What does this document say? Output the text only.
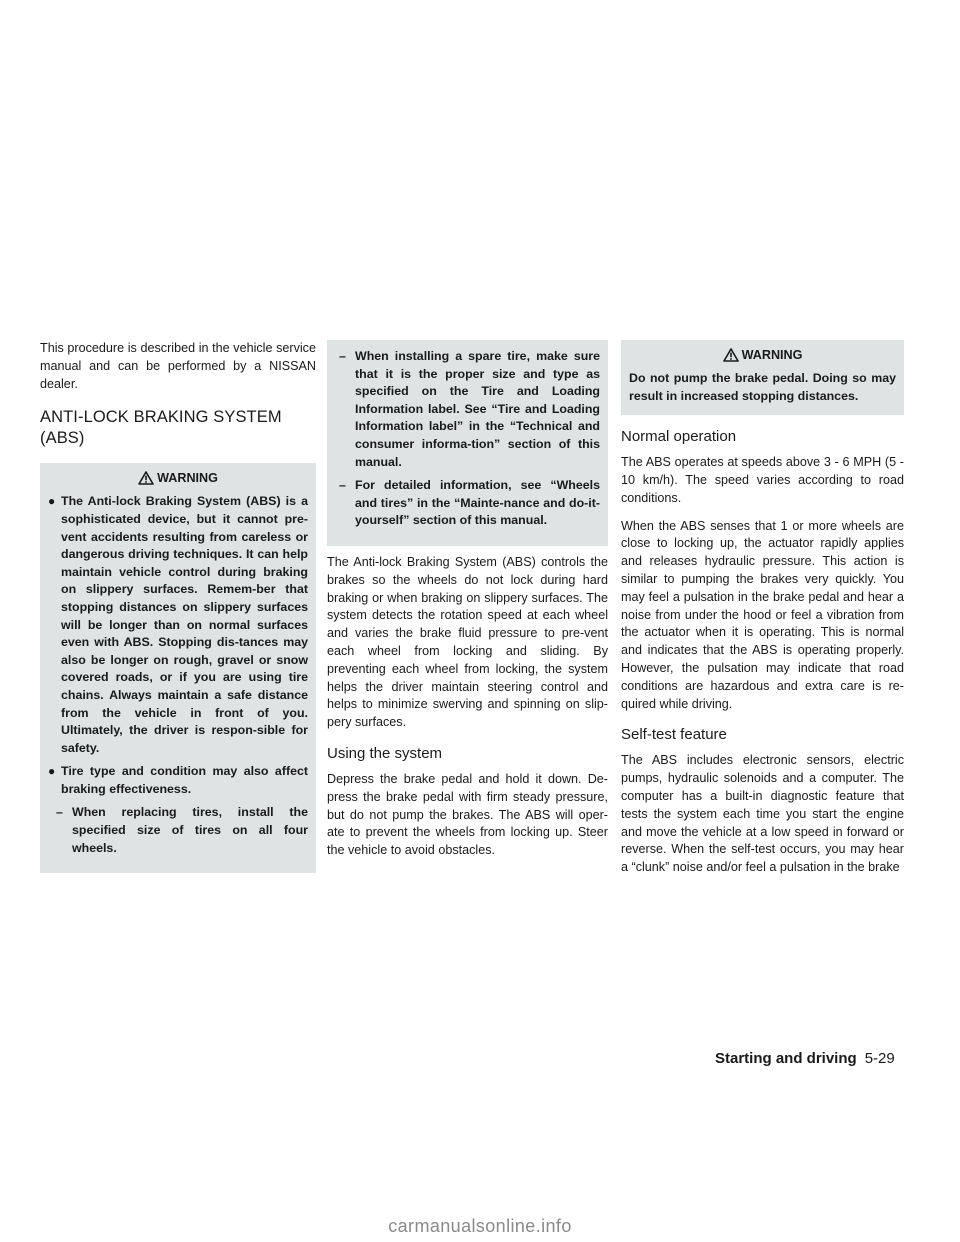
This procedure is described in the vehicle service manual and can be performed by a NISSAN dealer.

ANTI-LOCK BRAKING SYSTEM (ABS)
WARNING
● The Anti-lock Braking System (ABS) is a sophisticated device, but it cannot pre-vent accidents resulting from careless or dangerous driving techniques. It can help maintain vehicle control during braking on slippery surfaces. Remem-ber that stopping distances on slippery surfaces will be longer than on normal surfaces even with ABS. Stopping dis-tances may also be longer on rough, gravel or snow covered roads, or if you are using tire chains. Always maintain a safe distance from the vehicle in front of you. Ultimately, the driver is respon-sible for safety.
● Tire type and condition may also affect braking effectiveness.
– When replacing tires, install the specified size of tires on all four wheels.
– When installing a spare tire, make sure that it is the proper size and type as specified on the Tire and Loading Information label. See “Tire and Loading Information label” in the “Technical and consumer informa-tion” section of this manual.
– For detailed information, see “Wheels and tires” in the “Mainte-nance and do-it-yourself” section of this manual.

The Anti-lock Braking System (ABS) controls the brakes so the wheels do not lock during hard braking or when braking on slippery surfaces. The system detects the rotation speed at each wheel and varies the brake fluid pressure to pre-vent each wheel from locking and sliding. By preventing each wheel from locking, the system helps the driver maintain steering control and helps to minimize swerving and spinning on slip-pery surfaces.

Using the system

Depress the brake pedal and hold it down. De-press the brake pedal with firm steady pressure, but do not pump the brakes. The ABS will oper-ate to prevent the wheels from locking up. Steer the vehicle to avoid obstacles.

WARNING
Do not pump the brake pedal. Doing so may result in increased stopping distances.
Normal operation

The ABS operates at speeds above 3 - 6 MPH (5 - 10 km/h). The speed varies according to road conditions.

When the ABS senses that 1 or more wheels are close to locking up, the actuator rapidly applies and releases hydraulic pressure. This action is similar to pumping the brakes very quickly. You may feel a pulsation in the brake pedal and hear a noise from under the hood or feel a vibration from the actuator when it is operating. This is normal and indicates that the ABS is operating properly. However, the pulsation may indicate that road conditions are hazardous and extra care is re-quired while driving.

Self-test feature

The ABS includes electronic sensors, electric pumps, hydraulic solenoids and a computer. The computer has a built-in diagnostic feature that tests the system each time you start the engine and move the vehicle at a low speed in forward or reverse. When the self-test occurs, you may hear a “clunk” noise and/or feel a pulsation in the brake

Starting and driving 5-29
carmanualsonline.info
